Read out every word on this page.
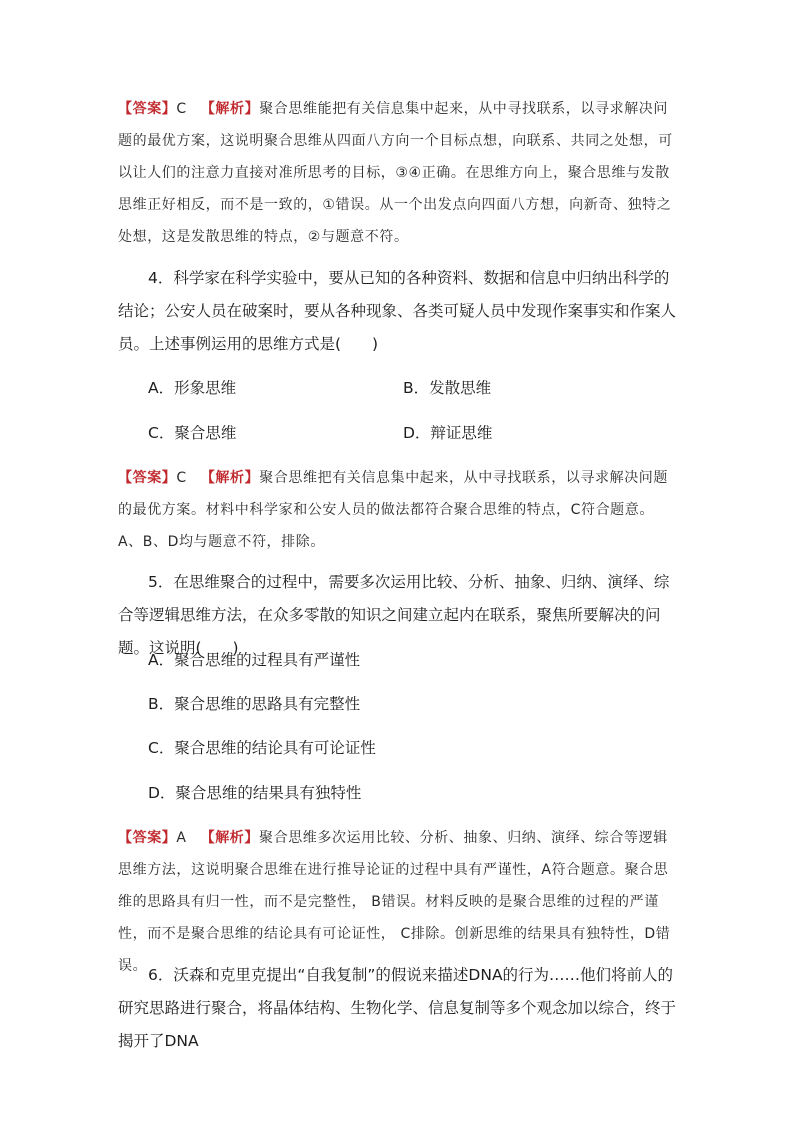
【答案】C 【解析】聚合思维能把有关信息集中起来，从中寻找联系，以寻求解决问题的最优方案，这说明聚合思维从四面八方向一个目标点想，向联系、共同之处想，可以让人们的注意力直接对准所思考的目标，③④正确。在思维方向上，聚合思维与发散思维正好相反，而不是一致的，①错误。从一个出发点向四面八方想，向新奇、独特之处想，这是发散思维的特点，②与题意不符。
4．科学家在科学实验中，要从已知的各种资料、数据和信息中归纳出科学的结论；公安人员在破案时，要从各种现象、各类可疑人员中发现作案事实和作案人员。上述事例运用的思维方式是(　　)
A．形象思维	B．发散思维
C．聚合思维	D．辩证思维
【答案】C 【解析】聚合思维把有关信息集中起来，从中寻找联系，以寻求解决问题的最优方案。材料中科学家和公安人员的做法都符合聚合思维的特点，C符合题意。A、B、D均与题意不符，排除。
5．在思维聚合的过程中，需要多次运用比较、分析、抽象、归纳、演绎、综合等逻辑思维方法，在众多零散的知识之间建立起内在联系，聚焦所要解决的问题。这说明(　　)
A．聚合思维的过程具有严谨性
B．聚合思维的思路具有完整性
C．聚合思维的结论具有可论证性
D．聚合思维的结果具有独特性
【答案】A 【解析】聚合思维多次运用比较、分析、抽象、归纳、演绎、综合等逻辑思维方法，这说明聚合思维在进行推导论证的过程中具有严谨性，A符合题意。聚合思维的思路具有归一性，而不是完整性， B错误。材料反映的是聚合思维的过程的严谨性，而不是聚合思维的结论具有可论证性， C排除。创新思维的结果具有独特性，D错误。 6．沃森和克里克提出“自我复制”的假说来描述DNA的行为……他们将前人的研究思路进行聚合，将晶体结构、生物化学、信息复制等多个观念加以综合，终于揭开了DNA
